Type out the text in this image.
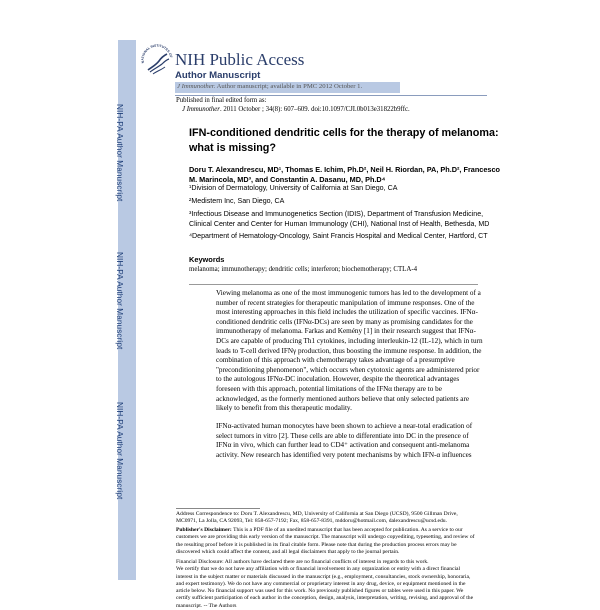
NIH-PA Author Manuscript
NIH-PA Author Manuscript
NIH-PA Author Manuscript
NATIONAL INSTITUTES OF NIH Public Access
Author Manuscript
J Immunother. Author manuscript; available in PMC 2012 October 1.
Published in final edited form as:
J Immunother. 2011 October ; 34(8): 607–609. doi:10.1097/CJI.0b013e31822b9ffc.
IFN-conditioned dendritic cells for the therapy of melanoma:
what is missing?
Doru T. Alexandrescu, MD¹, Thomas E. Ichim, Ph.D², Neil H. Riordan, PA, Ph.D², Francesco
M. Marincola, MD³, and Constantin A. Dasanu, MD, Ph.D⁴
¹Division of Dermatology, University of California at San Diego, CA
²Medistem Inc, San Diego, CA
³Infectious Disease and Immunogenetics Section (IDIS), Department of Transfusion Medicine,
Clinical Center and Center for Human Immunology (CHI), National Inst of Health, Bethesda, MD
⁴Department of Hematology-Oncology, Saint Francis Hospital and Medical Center, Hartford, CT
Keywords
melanoma; immunotherapy; dendritic cells; interferon; biochemotherapy; CTLA-4
Viewing melanoma as one of the most immunogenic tumors has led to the development of a
number of recent strategies for therapeutic manipulation of immune responses. One of the
most interesting approaches in this field includes the utilization of specific vaccines. IFNα-
conditioned dendritic cells (IFNα-DCs) are seen by many as promising candidates for the
immunotherapy of melanoma. Farkas and Kemény [1] in their research suggest that IFNα-
DCs are capable of producing Th1 cytokines, including interleukin-12 (IL-12), which in turn
leads to T-cell derived IFNγ production, thus boosting the immune response. In addition, the
combination of this approach with chemotherapy takes advantage of a presumptive
"preconditioning phenomenon", which occurs when cytotoxic agents are administered prior
to the autologous IFNα-DC inoculation. However, despite the theoretical advantages
foreseen with this approach, potential limitations of the IFNα therapy are to be
acknowledged, as the formerly mentioned authors believe that only selected patients are
likely to benefit from this therapeutic modality.
IFNα-activated human monocytes have been shown to achieve a near-total eradication of
select tumors in vitro [2]. These cells are able to differentiate into DC in the presence of
IFNα in vivo, which can further lead to CD4⁺ activation and consequent anti-melanoma
activity. New research has identified very potent mechanisms by which IFN-α influences
Address Correspondence to: Doru T. Alexandrescu, MD, University of California at San Diego (UCSD), 9500 Gillman Drive,
MC0971, La Jolla, CA 92093, Tel: 858-657-7192; Fax, 858-657-8391, mddoru@hotmail.com, dalexandrescu@ucsd.edu.
Publisher's Disclaimer: This is a PDF file of an unedited manuscript that has been accepted for publication. As a service to our
customers we are providing this early version of the manuscript. The manuscript will undergo copyediting, typesetting, and review of
the resulting proof before it is published in its final citable form. Please note that during the production process errors may be
discovered which could affect the content, and all legal disclaimers that apply to the journal pertain.
Financial Disclosure: All authors have declared there are no financial conflicts of interest in regards to this work.
We certify that we do not have any affiliation with or financial involvement in any organization or entity with a direct financial
interest in the subject matter or materials discussed in the manuscript (e.g., employment, consultancies, stock ownership, honoraria,
and expert testimony). We do not have any commercial or proprietary interest in any drug, device, or equipment mentioned in the
article below. No financial support was used for this work. No previously published figures or tables were used in this paper. We
certify sufficient participation of each author in the conception, design, analysis, interpretation, writing, revising, and approval of the
manuscript. -- The Authors
